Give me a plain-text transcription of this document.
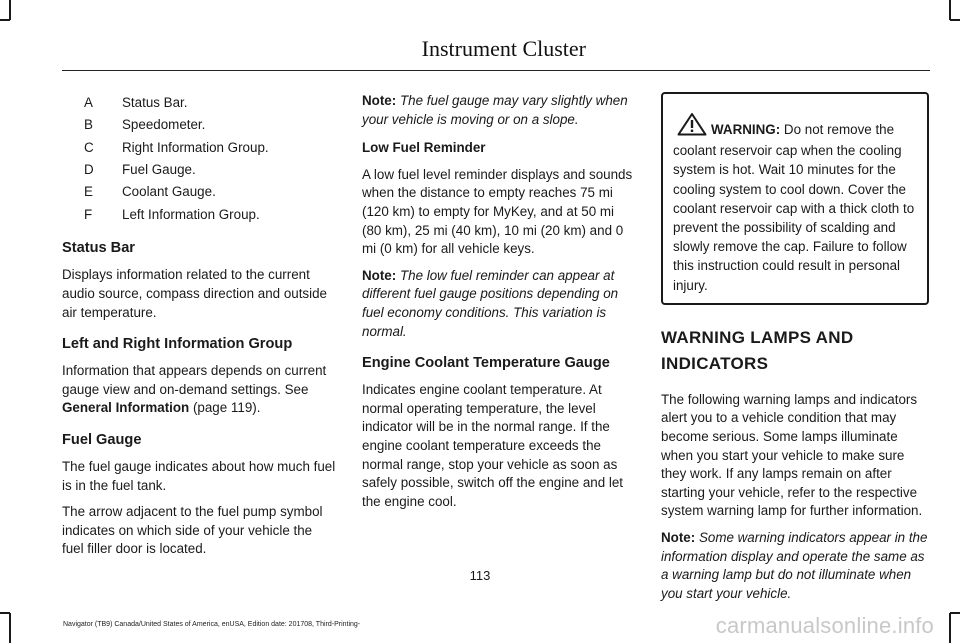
Instrument Cluster
A	Status Bar.
B	Speedometer.
C	Right Information Group.
D	Fuel Gauge.
E	Coolant Gauge.
F	Left Information Group.
Status Bar

Displays information related to the current audio source, compass direction and outside air temperature.

Left and Right Information Group

Information that appears depends on current gauge view and on-demand settings. See General Information (page 119).

Fuel Gauge

The fuel gauge indicates about how much fuel is in the fuel tank.

The arrow adjacent to the fuel pump symbol indicates on which side of your vehicle the fuel filler door is located.

Note: The fuel gauge may vary slightly when your vehicle is moving or on a slope.

Low Fuel Reminder

A low fuel level reminder displays and sounds when the distance to empty reaches 75 mi (120 km) to empty for MyKey, and at 50 mi (80 km), 25 mi (40 km), 10 mi (20 km) and 0 mi (0 km) for all vehicle keys.

Note: The low fuel reminder can appear at different fuel gauge positions depending on fuel economy conditions. This variation is normal.

Engine Coolant Temperature Gauge

Indicates engine coolant temperature. At normal operating temperature, the level indicator will be in the normal range. If the engine coolant temperature exceeds the normal range, stop your vehicle as soon as safely possible, switch off the engine and let the engine cool.

WARNING: Do not remove the coolant reservoir cap when the cooling system is hot. Wait 10 minutes for the cooling system to cool down. Cover the coolant reservoir cap with a thick cloth to prevent the possibility of scalding and slowly remove the cap. Failure to follow this instruction could result in personal injury.
WARNING LAMPS AND
INDICATORS

The following warning lamps and indicators alert you to a vehicle condition that may become serious. Some lamps illuminate when you start your vehicle to make sure they work. If any lamps remain on after starting your vehicle, refer to the respective system warning lamp for further information.

Note: Some warning indicators appear in the information display and operate the same as a warning lamp but do not illuminate when you start your vehicle.

113
Navigator (TB9) Canada/United States of America, enUSA, Edition date: 201708, Third-Printing-	carmanualsonline.info
